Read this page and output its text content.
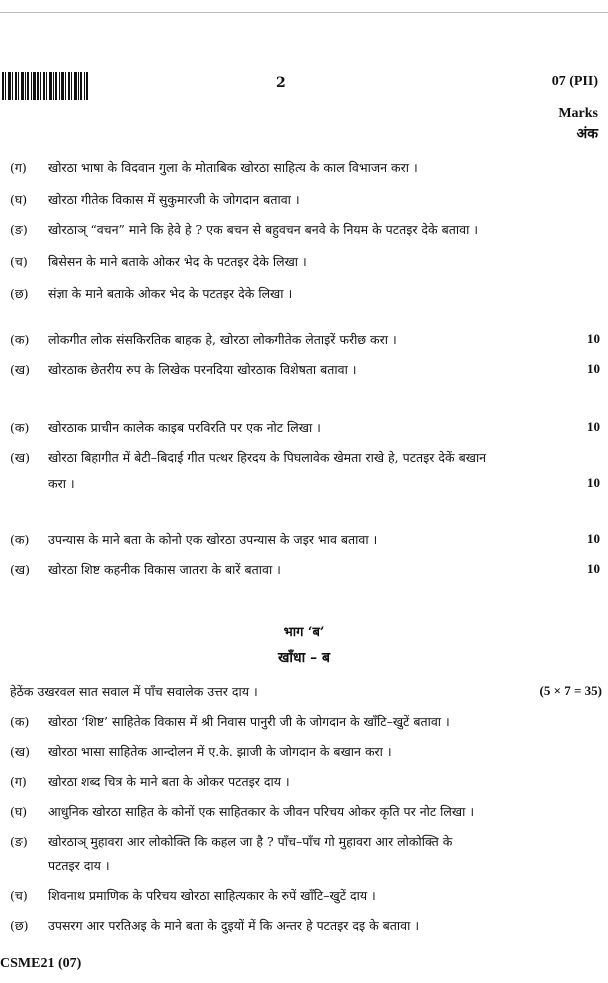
2	07 (PII)
Marks
अंक
(ग) खोरठा भाषा के विदवान गुला के मोताबिक खोरठा साहित्य के काल विभाजन करा ।
(घ) खोरठा गीतेक विकास में सुकुमारजी के जोगदान बतावा ।
(ङ) खोरठाञ् “वचन” माने कि हेवे हे ? एक बचन से बहुवचन बनवे के नियम के पटतइर देके बतावा ।
(च) बिसेसन के माने बताके ओकर भेद के पटतइर देके लिखा ।
(छ) संज्ञा के माने बताके ओकर भेद के पटतइर देके लिखा ।
(क) लोकगीत लोक संसकिरतिक बाहक हे, खोरठा लोकगीतेक लेताइरें फरीछ करा ।	10
(ख) खोरठाक छेतरीय रुप के लिखेक परनदिया खोरठाक विशेषता बतावा ।	10
(क) खोरठाक प्राचीन कालेक काइब परविरति पर एक नोट लिखा ।	10
(ख) खोरठा बिहागीत में बेटी–बिदाई गीत पत्थर हिरदय के पिघलावेक खेमता राखे हे, पटतइर देकें बखान
करा ।	10
(क) उपन्यास के माने बता के कोनो एक खोरठा उपन्यास के जइर भाव बतावा ।	10
(ख) खोरठा शिष्ट कहनीक विकास जातरा के बारें बतावा ।	10
भाग ‘ब’
खाँधा – ब
हेठेंक उखरवल सात सवाल में पाँच सवालेक उत्तर दाय ।	(5 × 7 = 35)
(क) खोरठा ‘शिष्ट’ साहितेक विकास में श्री निवास पानुरी जी के जोगदान के खाँटि–खुटें बतावा ।
(ख) खोरठा भासा साहितेक आन्दोलन में ए.के. झाजी के जोगदान के बखान करा ।
(ग) खोरठा शब्द चित्र के माने बता के ओकर पटतइर दाय ।
(घ) आधुनिक खोरठा साहित के कोनों एक साहितकार के जीवन परिचय ओकर कृति पर नोट लिखा ।
(ङ) खोरठाञ् मुहावरा आर लोकोक्ति कि कहल जा है ? पाँच–पाँच गो मुहावरा आर लोकोक्ति के
पटतइर दाय ।
(च) शिवनाथ प्रमाणिक के परिचय खोरठा साहित्यकार के रुपें खाँटि–खुटें दाय ।
(छ) उपसरग आर परतिअइ के माने बता के दुइयों में कि अन्तर हे पटतइर दइ के बतावा ।
CSME21 (07)
